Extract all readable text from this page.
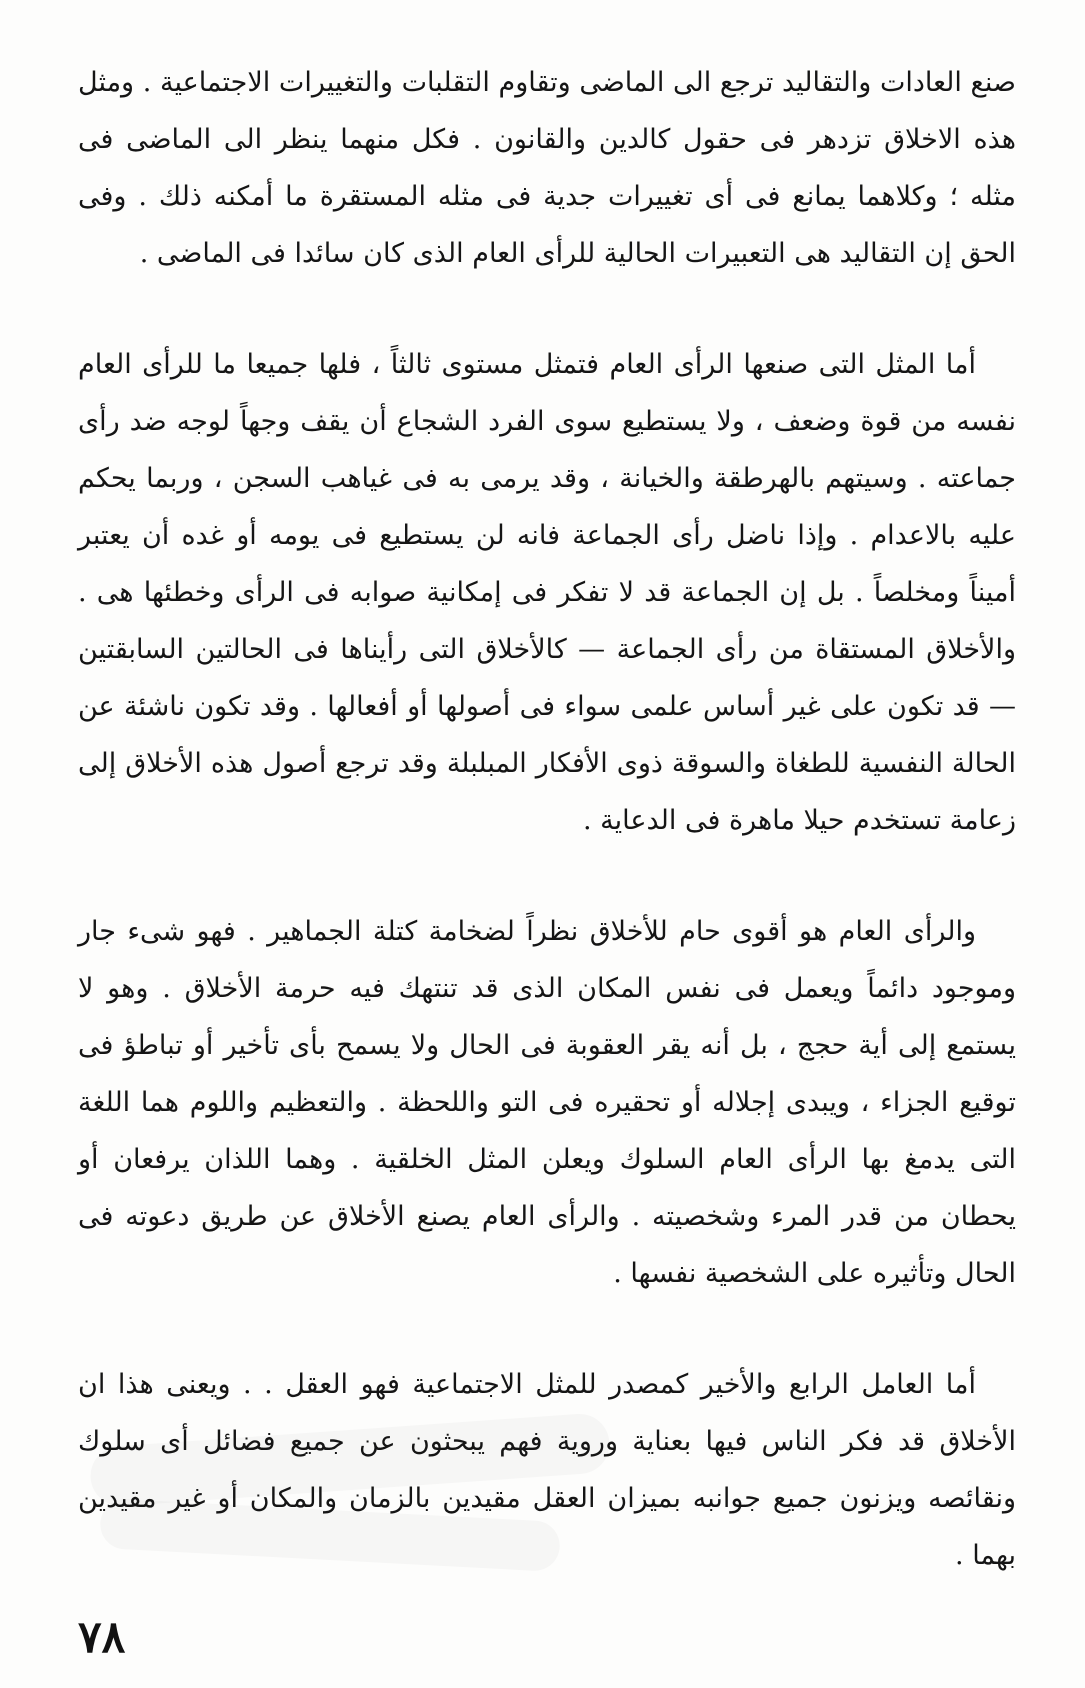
صنع العادات والتقاليد ترجع الى الماضى وتقاوم التقلبات والتغييرات الاجتماعية . ومثل هذه الاخلاق تزدهر فى حقول كالدين والقانون . فكل منهما ينظر الى الماضى فى مثله ؛ وكلاهما يمانع فى أى تغييرات جدية فى مثله المستقرة ما أمكنه ذلك . وفى الحق إن التقاليد هى التعبيرات الحالية للرأى العام الذى كان سائدا فى الماضى .

أما المثل التى صنعها الرأى العام فتمثل مستوى ثالثاً ، فلها جميعا ما للرأى العام نفسه من قوة وضعف ، ولا يستطيع سوى الفرد الشجاع أن يقف وجهاً لوجه ضد رأى جماعته . وسيتهم بالهرطقة والخيانة ، وقد يرمى به فى غياهب السجن ، وربما يحكم عليه بالاعدام . وإذا ناضل رأى الجماعة فانه لن يستطيع فى يومه أو غده أن يعتبر أميناً ومخلصاً . بل إن الجماعة قد لا تفكر فى إمكانية صوابه فى الرأى وخطئها هى . والأخلاق المستقاة من رأى الجماعة — كالأخلاق التى رأيناها فى الحالتين السابقتين — قد تكون على غير أساس علمى سواء فى أصولها أو أفعالها . وقد تكون ناشئة عن الحالة النفسية للطغاة والسوقة ذوى الأفكار المبلبلة وقد ترجع أصول هذه الأخلاق إلى زعامة تستخدم حيلا ماهرة فى الدعاية .

والرأى العام هو أقوى حام للأخلاق نظراً لضخامة كتلة الجماهير . فهو شىء جار وموجود دائماً ويعمل فى نفس المكان الذى قد تنتهك فيه حرمة الأخلاق . وهو لا يستمع إلى أية حجج ، بل أنه يقر العقوبة فى الحال ولا يسمح بأى تأخير أو تباطؤ فى توقيع الجزاء ، ويبدى إجلاله أو تحقيره فى التو واللحظة . والتعظيم واللوم هما اللغة التى يدمغ بها الرأى العام السلوك ويعلن المثل الخلقية . وهما اللذان يرفعان أو يحطان من قدر المرء وشخصيته . والرأى العام يصنع الأخلاق عن طريق دعوته فى الحال وتأثيره على الشخصية نفسها .

أما العامل الرابع والأخير كمصدر للمثل الاجتماعية فهو العقل . . ويعنى هذا ان الأخلاق قد فكر الناس فيها بعناية وروية فهم يبحثون عن جميع فضائل أى سلوك ونقائصه ويزنون جميع جوانبه بميزان العقل مقيدين بالزمان والمكان أو غير مقيدين بهما .

٧٨
